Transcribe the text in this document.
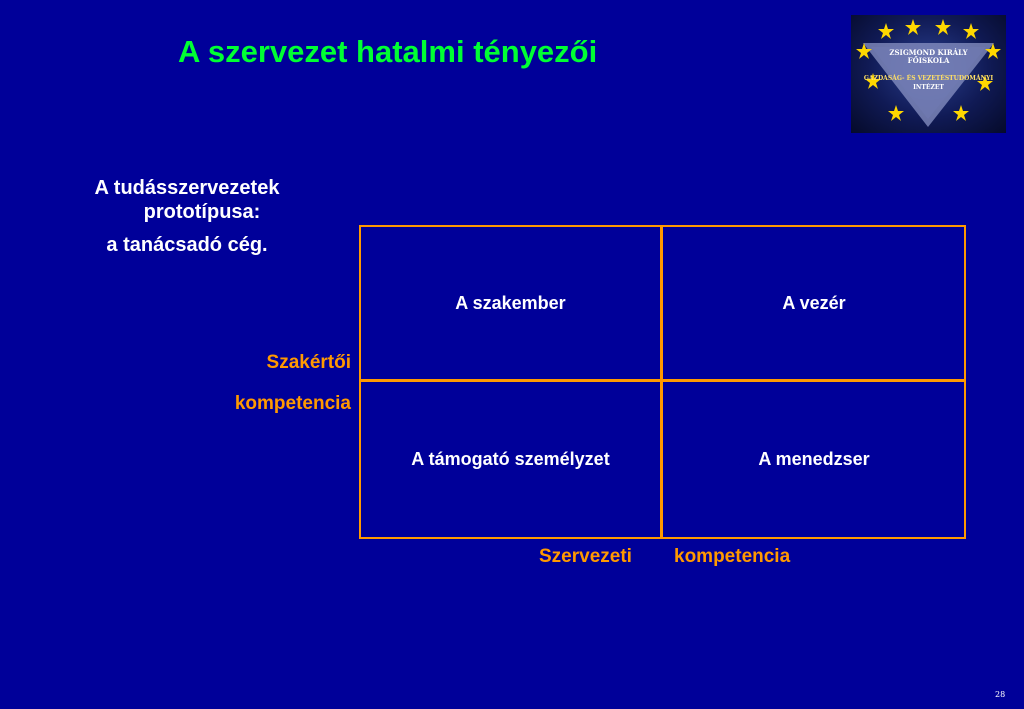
A szervezet hatalmi tényezői	ZSIGMOND KIRÁLY
FŐISKOLA
GAZDASÁG- ÉS VEZETÉSTUDOMÁNYI
INTÉZET
A tudásszervezetek
prototípusa:
a tanácsadó cég.
Szakértői
kompetencia
A szakember	A vezér
A támogató személyzet	A menedzser
Szervezeti kompetencia
28
